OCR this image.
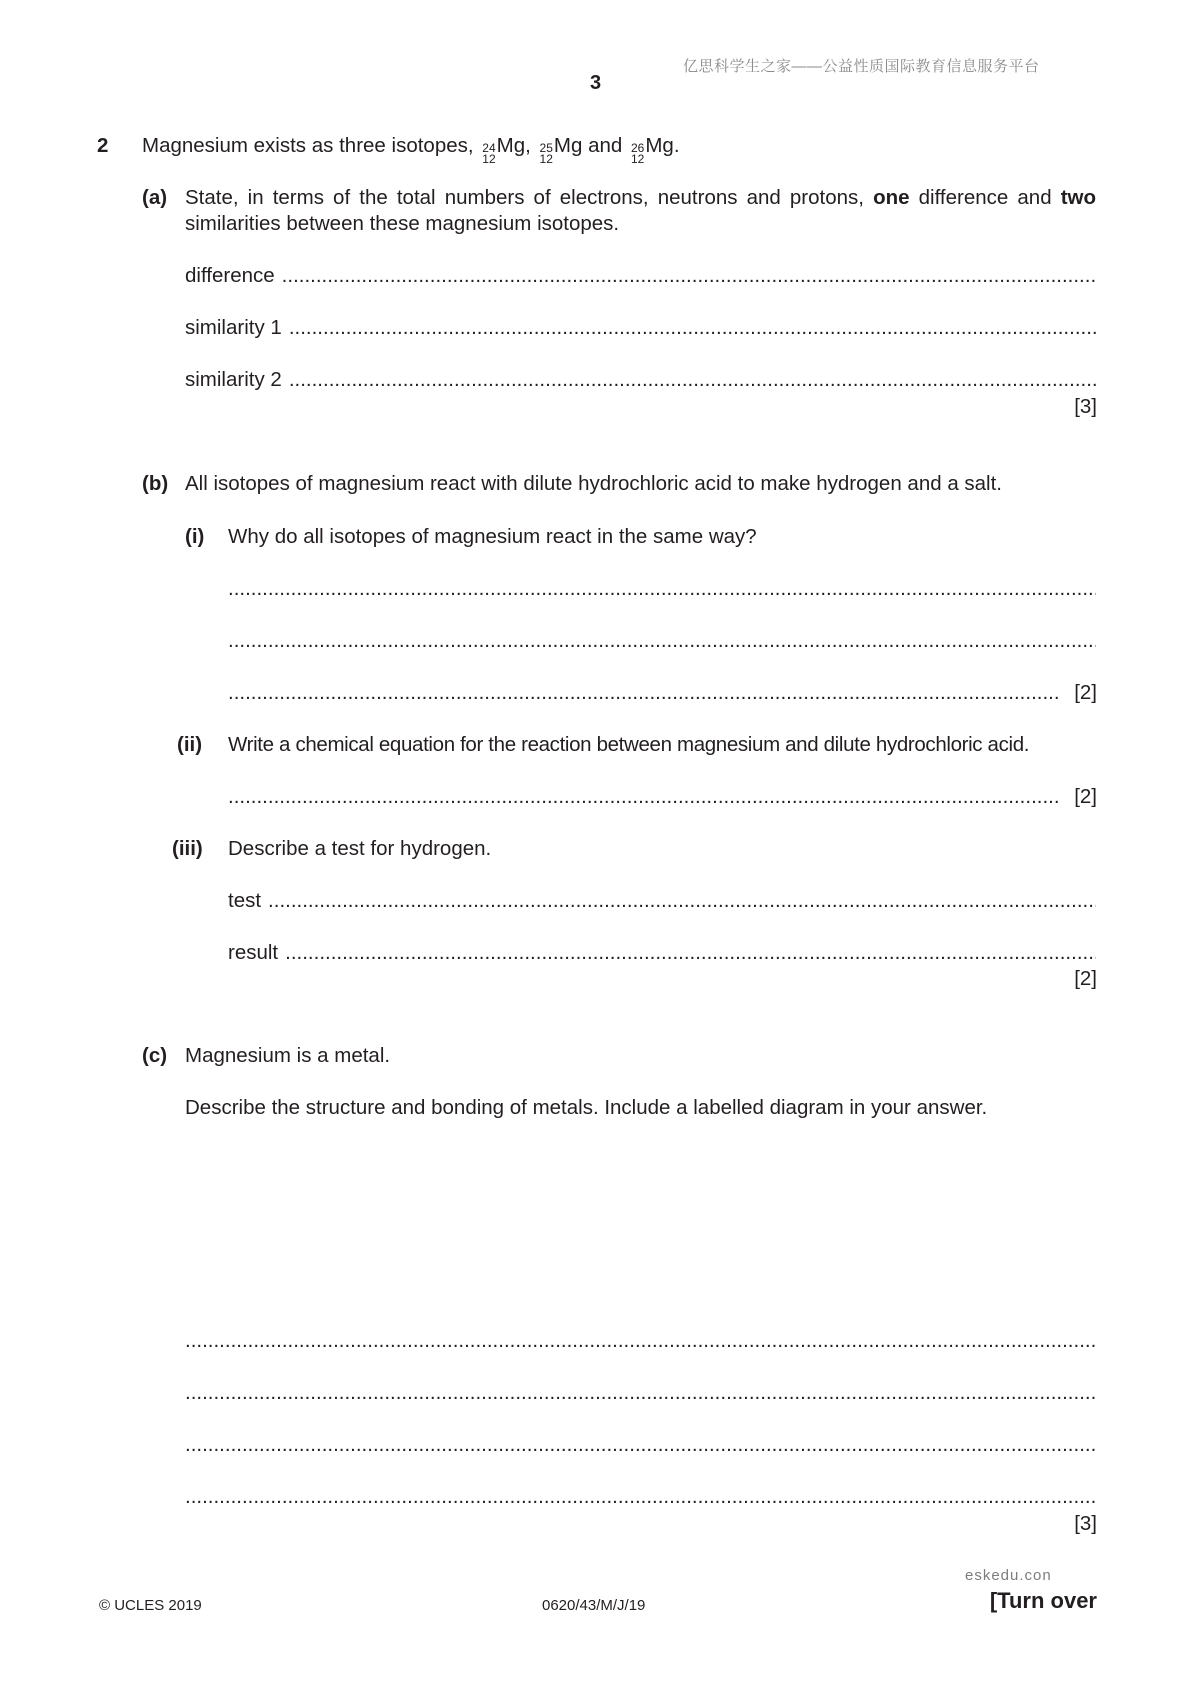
亿思科学生之家——公益性质国际教育信息服务平台
3
2 Magnesium exists as three isotopes, 24
12
Mg , 25
12
Mg and 26
12
Mg .
(a) State, in terms of the total numbers of electrons, neutrons and protons, one difference and two similarities between these magnesium isotopes.
difference
.....
similarity 1
.....
similarity 2
.....
[3]
(b) All isotopes of magnesium react with dilute hydrochloric acid to make hydrogen and a salt.
(i) Why do all isotopes of magnesium react in the same way?
.....
.....
.....
[2]
(ii) Write a chemical equation for the reaction between magnesium and dilute hydrochloric acid.
.....
[2]
(iii) Describe a test for hydrogen.
test
.....
result
.....
[2]
(c) Magnesium is a metal.
Describe the structure and bonding of metals. Include a labelled diagram in your answer.
.....
.....
.....
.....
[3]
eskedu.con
© UCLES 2019	0620/43/M/J/19	[Turn over
